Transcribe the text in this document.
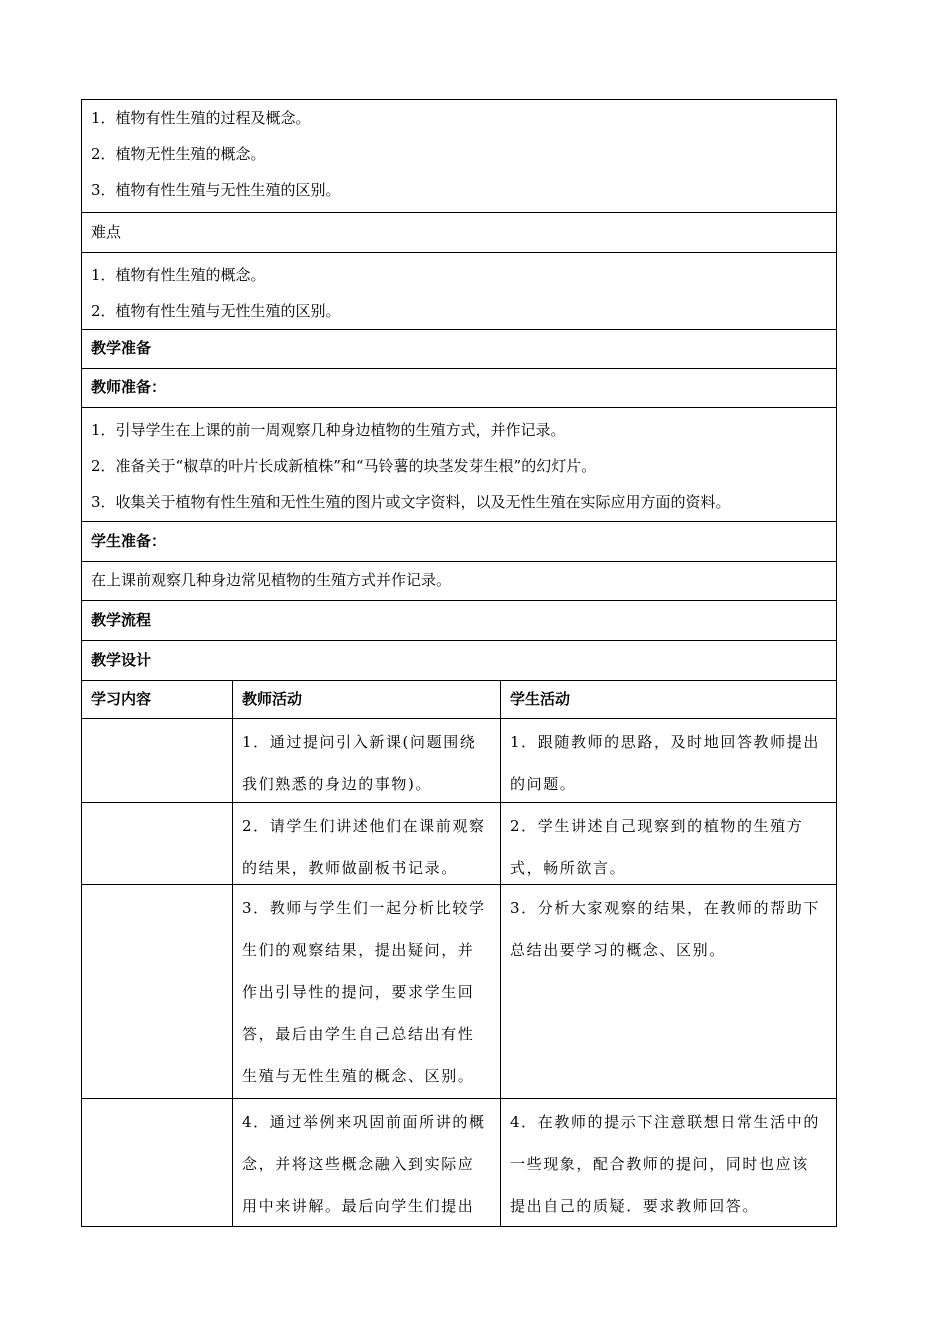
1．植物有性生殖的过程及概念。
2．植物无性生殖的概念。
3．植物有性生殖与无性生殖的区别。
难点
1．植物有性生殖的概念。
2．植物有性生殖与无性生殖的区别。
教学准备
教师准备：
1．引导学生在上课的前一周观察几种身边植物的生殖方式，并作记录。
2．准备关于“椒草的叶片长成新植株”和“马铃薯的块茎发芽生根”的幻灯片。
3．收集关于植物有性生殖和无性生殖的图片或文字资料，以及无性生殖在实际应用方面的资料。
学生准备：
在上课前观察几种身边常见植物的生殖方式并作记录。
教学流程
教学设计
学习内容	教师活动	学生活动
1．通过提问引入新课(问题围绕
我们熟悉的身边的事物)。
1．跟随教师的思路，及时地回答教师提出
的问题。
2．请学生们讲述他们在课前观察
的结果，教师做副板书记录。
2．学生讲述自己现察到的植物的生殖方
式，畅所欲言。
3．教师与学生们一起分析比较学
生们的观察结果，提出疑问，并
作出引导性的提问，要求学生回
答，最后由学生自己总结出有性
生殖与无性生殖的概念、区别。
3．分析大家观察的结果，在教师的帮助下
总结出要学习的概念、区别。
4．通过举例来巩固前面所讲的概
念，并将这些概念融入到实际应
用中来讲解。最后向学生们提出
4．在教师的提示下注意联想日常生活中的
一些现象，配合教师的提问，同时也应该
提出自己的质疑．要求教师回答。
